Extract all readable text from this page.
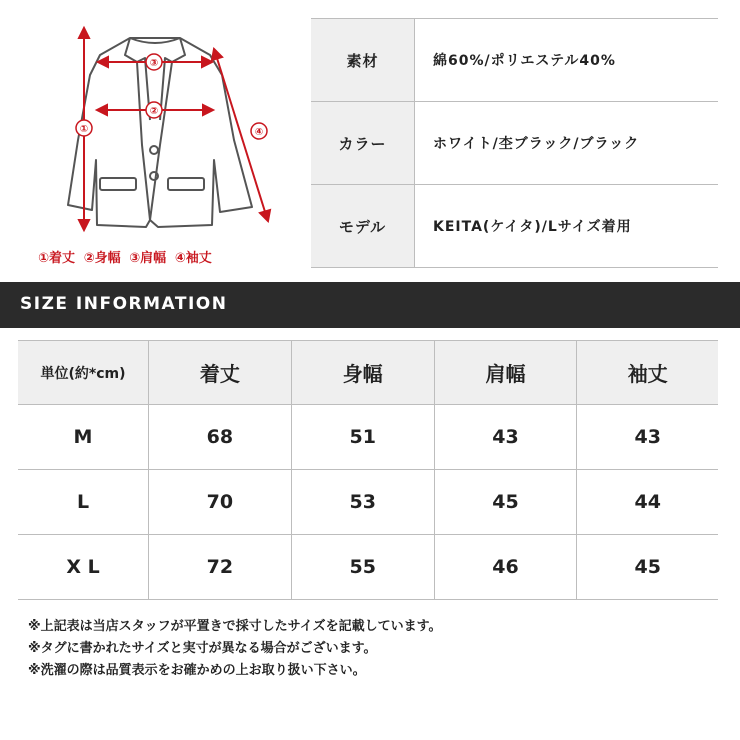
①
②
③
④
①着丈 ②身幅 ③肩幅 ④袖丈
素材	綿60%/ポリエステル40%
カラー	ホワイト/杢ブラック/ブラック
モデル	KEITA(ケイタ)/Lサイズ着用
SIZE INFORMATION
単位(約*cm)	着丈	身幅	肩幅	袖丈
M	68	51	43	43
L	70	53	45	44
X L	72	55	46	45
※上記表は当店スタッフが平置きで採寸したサイズを記載しています。
※タグに書かれたサイズと実寸が異なる場合がございます。
※洗濯の際は品質表示をお確かめの上お取り扱い下さい。
